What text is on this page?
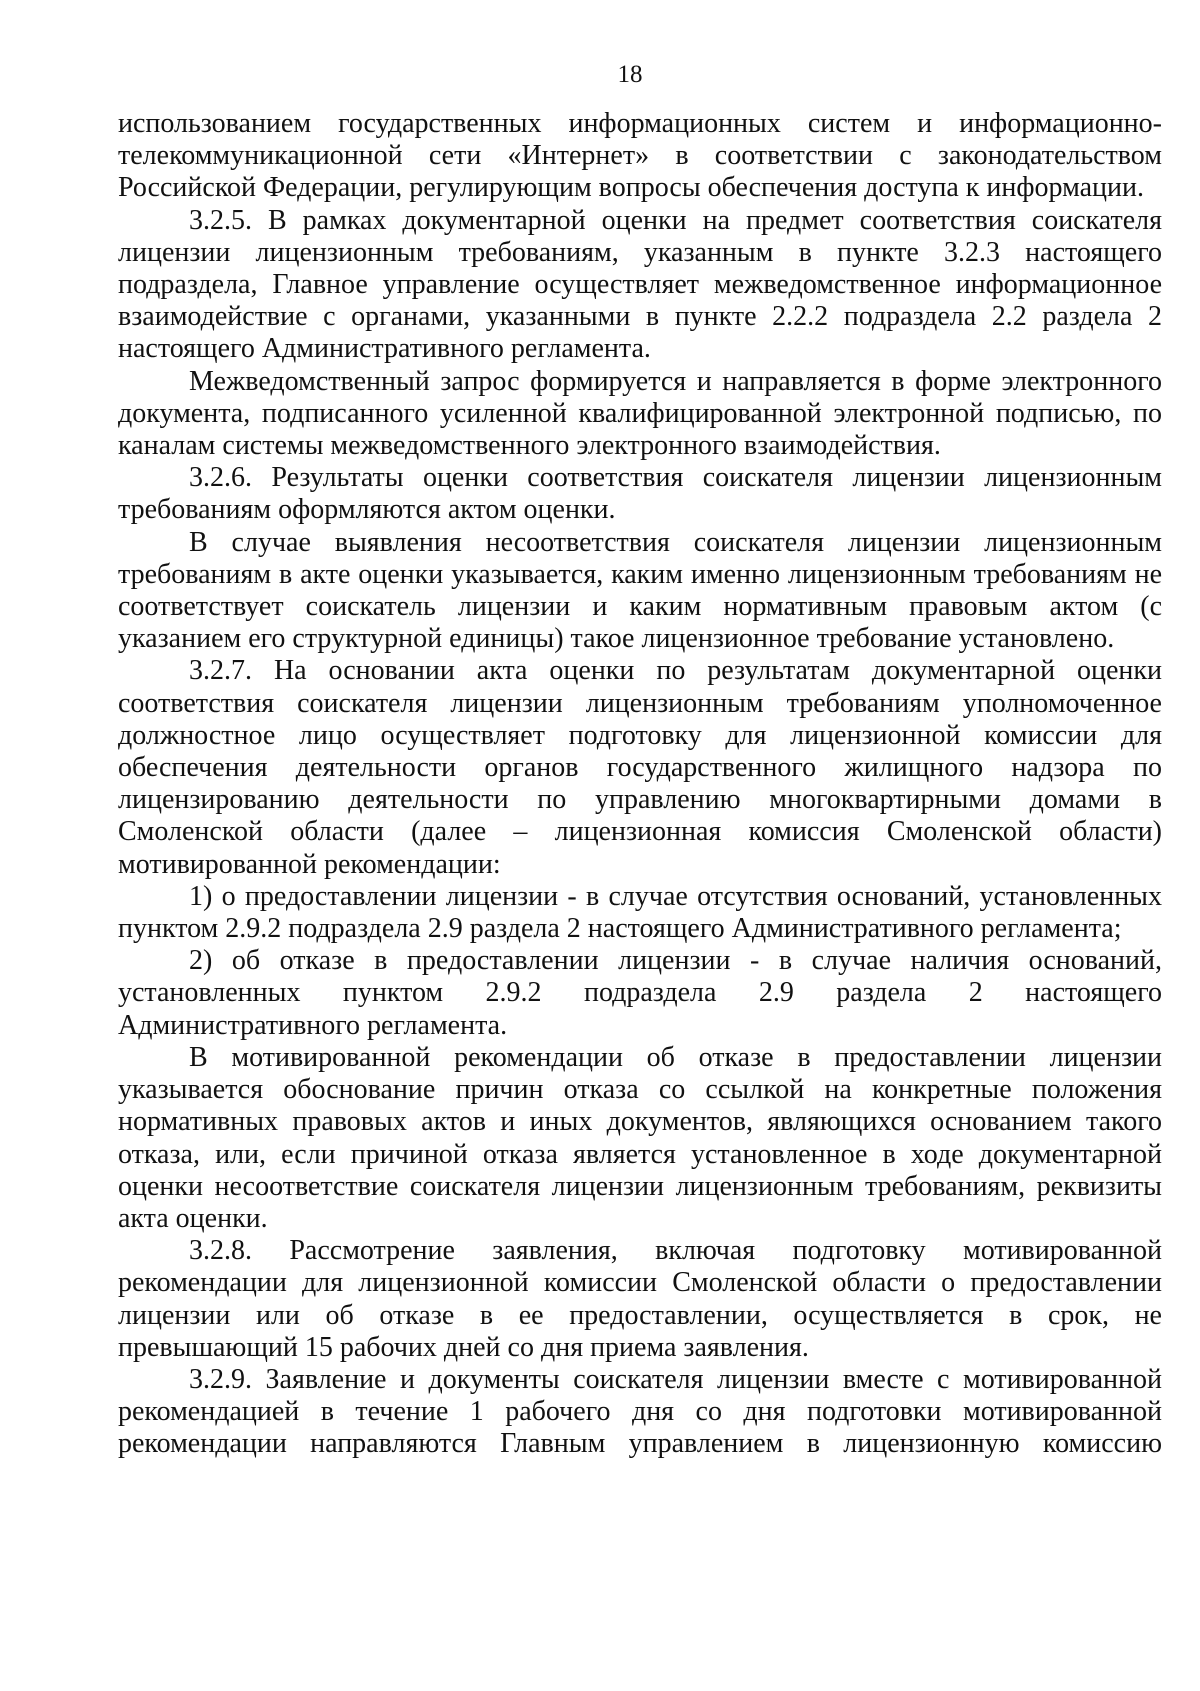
18

использованием государственных информационных систем и информационно-телекоммуникационной сети «Интернет» в соответствии с законодательством Российской Федерации, регулирующим вопросы обеспечения доступа к информации.

3.2.5. В рамках документарной оценки на предмет соответствия соискателя лицензии лицензионным требованиям, указанным в пункте 3.2.3 настоящего подраздела, Главное управление осуществляет межведомственное информационное взаимодействие с органами, указанными в пункте 2.2.2 подраздела 2.2 раздела 2 настоящего Административного регламента.

Межведомственный запрос формируется и направляется в форме электронного документа, подписанного усиленной квалифицированной электронной подписью, по каналам системы межведомственного электронного взаимодействия.

3.2.6. Результаты оценки соответствия соискателя лицензии лицензионным требованиям оформляются актом оценки.

В случае выявления несоответствия соискателя лицензии лицензионным требованиям в акте оценки указывается, каким именно лицензионным требованиям не соответствует соискатель лицензии и каким нормативным правовым актом (с указанием его структурной единицы) такое лицензионное требование установлено.

3.2.7. На основании акта оценки по результатам документарной оценки соответствия соискателя лицензии лицензионным требованиям уполномоченное должностное лицо осуществляет подготовку для лицензионной комиссии для обеспечения деятельности органов государственного жилищного надзора по лицензированию деятельности по управлению многоквартирными домами в Смоленской области (далее – лицензионная комиссия Смоленской области) мотивированной рекомендации:

1) о предоставлении лицензии - в случае отсутствия оснований, установленных пунктом 2.9.2 подраздела 2.9 раздела 2 настоящего Административного регламента;

2) об отказе в предоставлении лицензии - в случае наличия оснований, установленных пунктом 2.9.2 подраздела 2.9 раздела 2 настоящего Административного регламента.

В мотивированной рекомендации об отказе в предоставлении лицензии указывается обоснование причин отказа со ссылкой на конкретные положения нормативных правовых актов и иных документов, являющихся основанием такого отказа, или, если причиной отказа является установленное в ходе документарной оценки несоответствие соискателя лицензии лицензионным требованиям, реквизиты акта оценки.

3.2.8. Рассмотрение заявления, включая подготовку мотивированной рекомендации для лицензионной комиссии Смоленской области о предоставлении лицензии или об отказе в ее предоставлении, осуществляется в срок, не превышающий 15 рабочих дней со дня приема заявления.

3.2.9. Заявление и документы соискателя лицензии вместе с мотивированной рекомендацией в течение 1 рабочего дня со дня подготовки мотивированной рекомендации направляются Главным управлением в лицензионную комиссию
